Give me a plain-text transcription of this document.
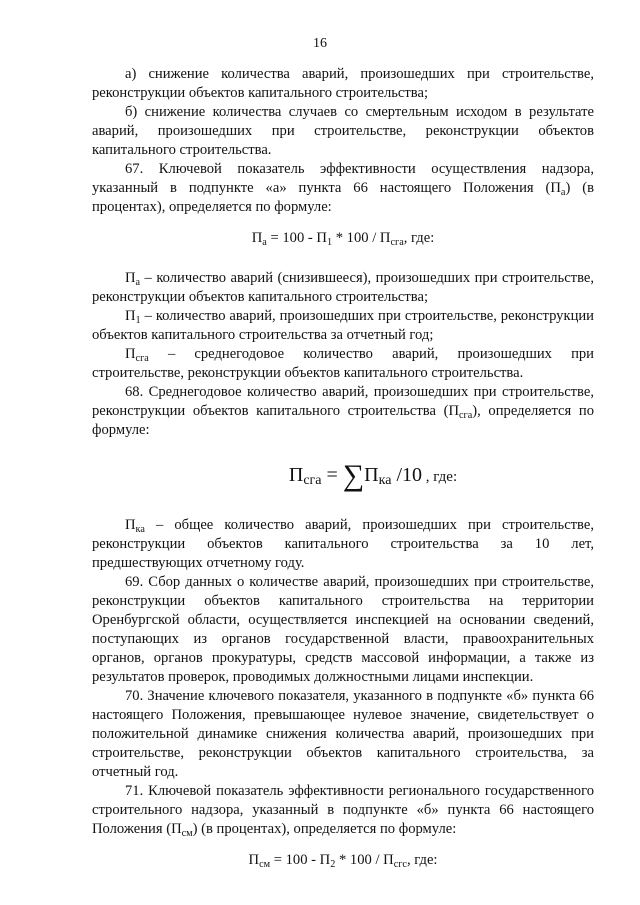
16

а) снижение количества аварий, произошедших при строительстве, реконструкции объектов капитального строительства;

б) снижение количества случаев со смертельным исходом в результате аварий, произошедших при строительстве, реконструкции объектов капитального строительства.

67. Ключевой показатель эффективности осуществления надзора, указанный в подпункте «а» пункта 66 настоящего Положения $(П_а)$ (в процентах), определяется по формуле:

$П_а = 100 - П_1 * 100 / П_{сга}$, где:

$П_а$ – количество аварий (снизившееся), произошедших при строительстве, реконструкции объектов капитального строительства;

$П_1$ – количество аварий, произошедших при строительстве, реконструкции объектов капитального строительства за отчетный год;

$П_{сга}$ – среднегодовое количество аварий, произошедших при строительстве, реконструкции объектов капитального строительства.

68. Среднегодовое количество аварий, произошедших при строительстве, реконструкции объектов капитального строительства $(П_{сга})$, определяется по формуле:

$П_{сга} = \sum П_{ка}$ /10 , где:

$П_{ка}$ – общее количество аварий, произошедших при строительстве, реконструкции объектов капитального строительства за 10 лет, предшествующих отчетному году.

69. Сбор данных о количестве аварий, произошедших при строительстве, реконструкции объектов капитального строительства на территории Оренбургской области, осуществляется инспекцией на основании сведений, поступающих из органов государственной власти, правоохранительных органов, органов прокуратуры, средств массовой информации, а также из результатов проверок, проводимых должностными лицами инспекции.

70. Значение ключевого показателя, указанного в подпункте «б» пункта 66 настоящего Положения, превышающее нулевое значение, свидетельствует о положительной динамике снижения количества аварий, произошедших при строительстве, реконструкции объектов капитального строительства, за отчетный год.

71. Ключевой показатель эффективности регионального государственного строительного надзора, указанный в подпункте «б» пункта 66 настоящего Положения $(П_{см})$ (в процентах), определяется по формуле:

$П_{см} = 100 - П_2 * 100 / П_{сгс}$, где:
